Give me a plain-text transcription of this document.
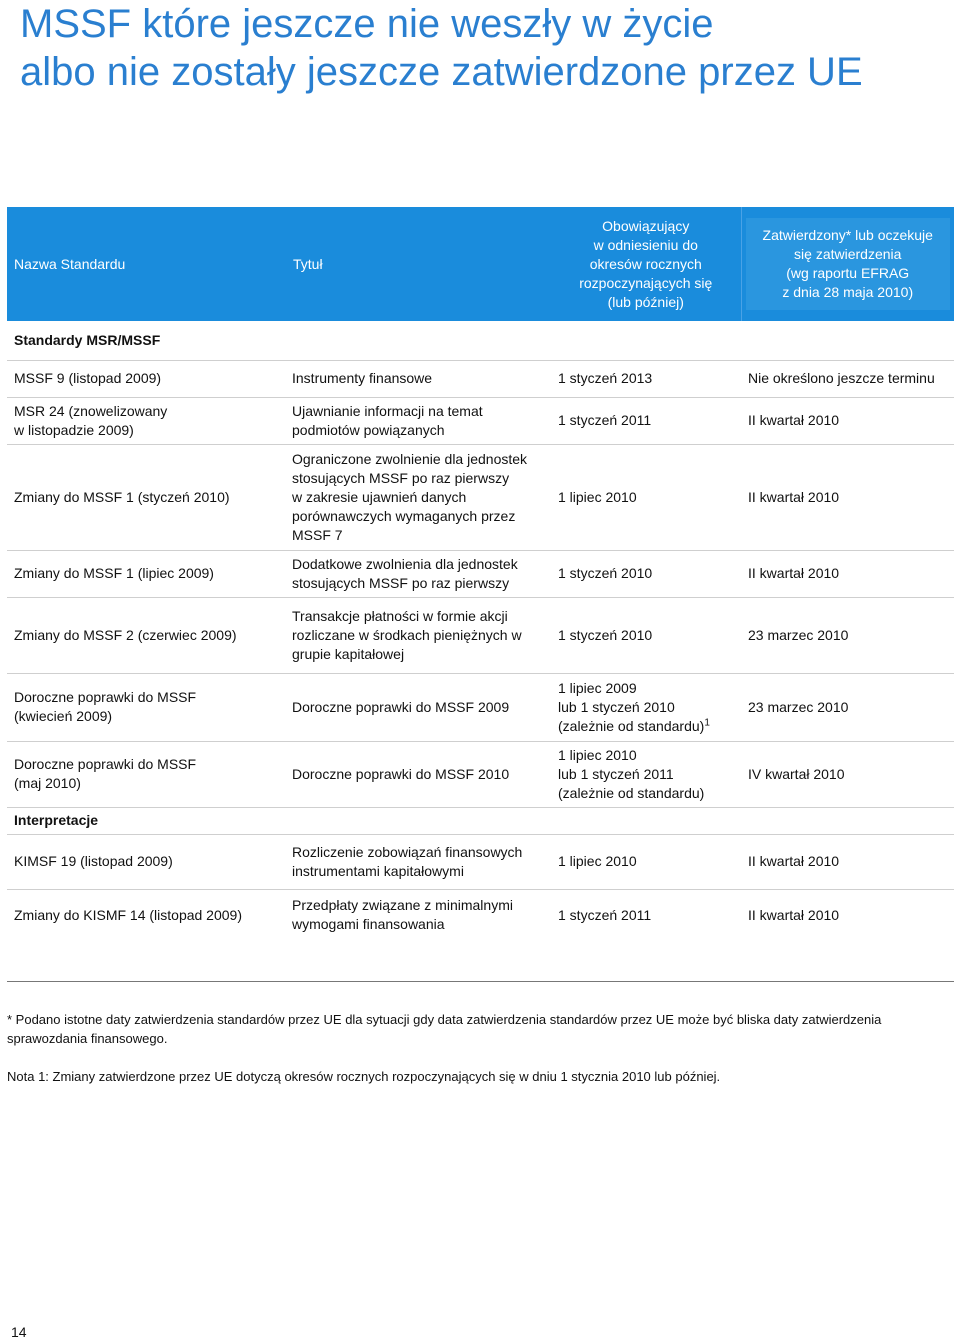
MSSF które jeszcze nie weszły w życie
albo nie zostały jeszcze zatwierdzone przez UE
Nazwa Standardu	Tytuł	Obowiązujący
w odniesieniu do
okresów rocznych
rozpoczynających się
(lub później)	Zatwierdzony* lub oczekuje
się zatwierdzenia
(wg raportu EFRAG
z dnia 28 maja 2010)

Standardy MSR/MSSF			
MSSF 9 (listopad 2009)	Instrumenty finansowe	1 styczeń 2013	Nie określono jeszcze terminu
MSR 24 (znowelizowany
w listopadzie 2009)	Ujawnianie informacji na temat
podmiotów powiązanych	1 styczeń 2011	II kwartał 2010
Zmiany do MSSF 1 (styczeń 2010)	Ograniczone zwolnienie dla jednostek
stosujących MSSF po raz pierwszy
w zakresie ujawnień danych
porównawczych wymaganych przez
MSSF 7	1 lipiec 2010	II kwartał 2010
Zmiany do MSSF 1 (lipiec 2009)	Dodatkowe zwolnienia dla jednostek
stosujących MSSF po raz pierwszy	1 styczeń 2010	II kwartał 2010
Zmiany do MSSF 2 (czerwiec 2009)	Transakcje płatności w formie akcji
rozliczane w środkach pieniężnych w
grupie kapitałowej	1 styczeń 2010	23 marzec 2010
Doroczne poprawki do MSSF
(kwiecień 2009)	Doroczne poprawki do MSSF 2009	1 lipiec 2009
lub 1 styczeń 2010
(zależnie od standardu)$^1$	23 marzec 2010
Doroczne poprawki do MSSF
(maj 2010)	Doroczne poprawki do MSSF 2010	1 lipiec 2010
lub 1 styczeń 2011
(zależnie od standardu)	IV kwartał 2010
Interpretacje			
KIMSF 19 (listopad 2009)	Rozliczenie zobowiązań finansowych
instrumentami kapitałowymi	1 lipiec 2010	II kwartał 2010
Zmiany do KISMF 14 (listopad 2009)	Przedpłaty związane z minimalnymi
wymogami finansowania	1 styczeń 2011	II kwartał 2010
* Podano istotne daty zatwierdzenia standardów przez UE dla sytuacji gdy data zatwierdzenia standardów przez UE może być bliska daty zatwierdzenia sprawozdania finansowego.
Nota 1: Zmiany zatwierdzone przez UE dotyczą okresów rocznych rozpoczynających się w dniu 1 stycznia 2010 lub później.
14
